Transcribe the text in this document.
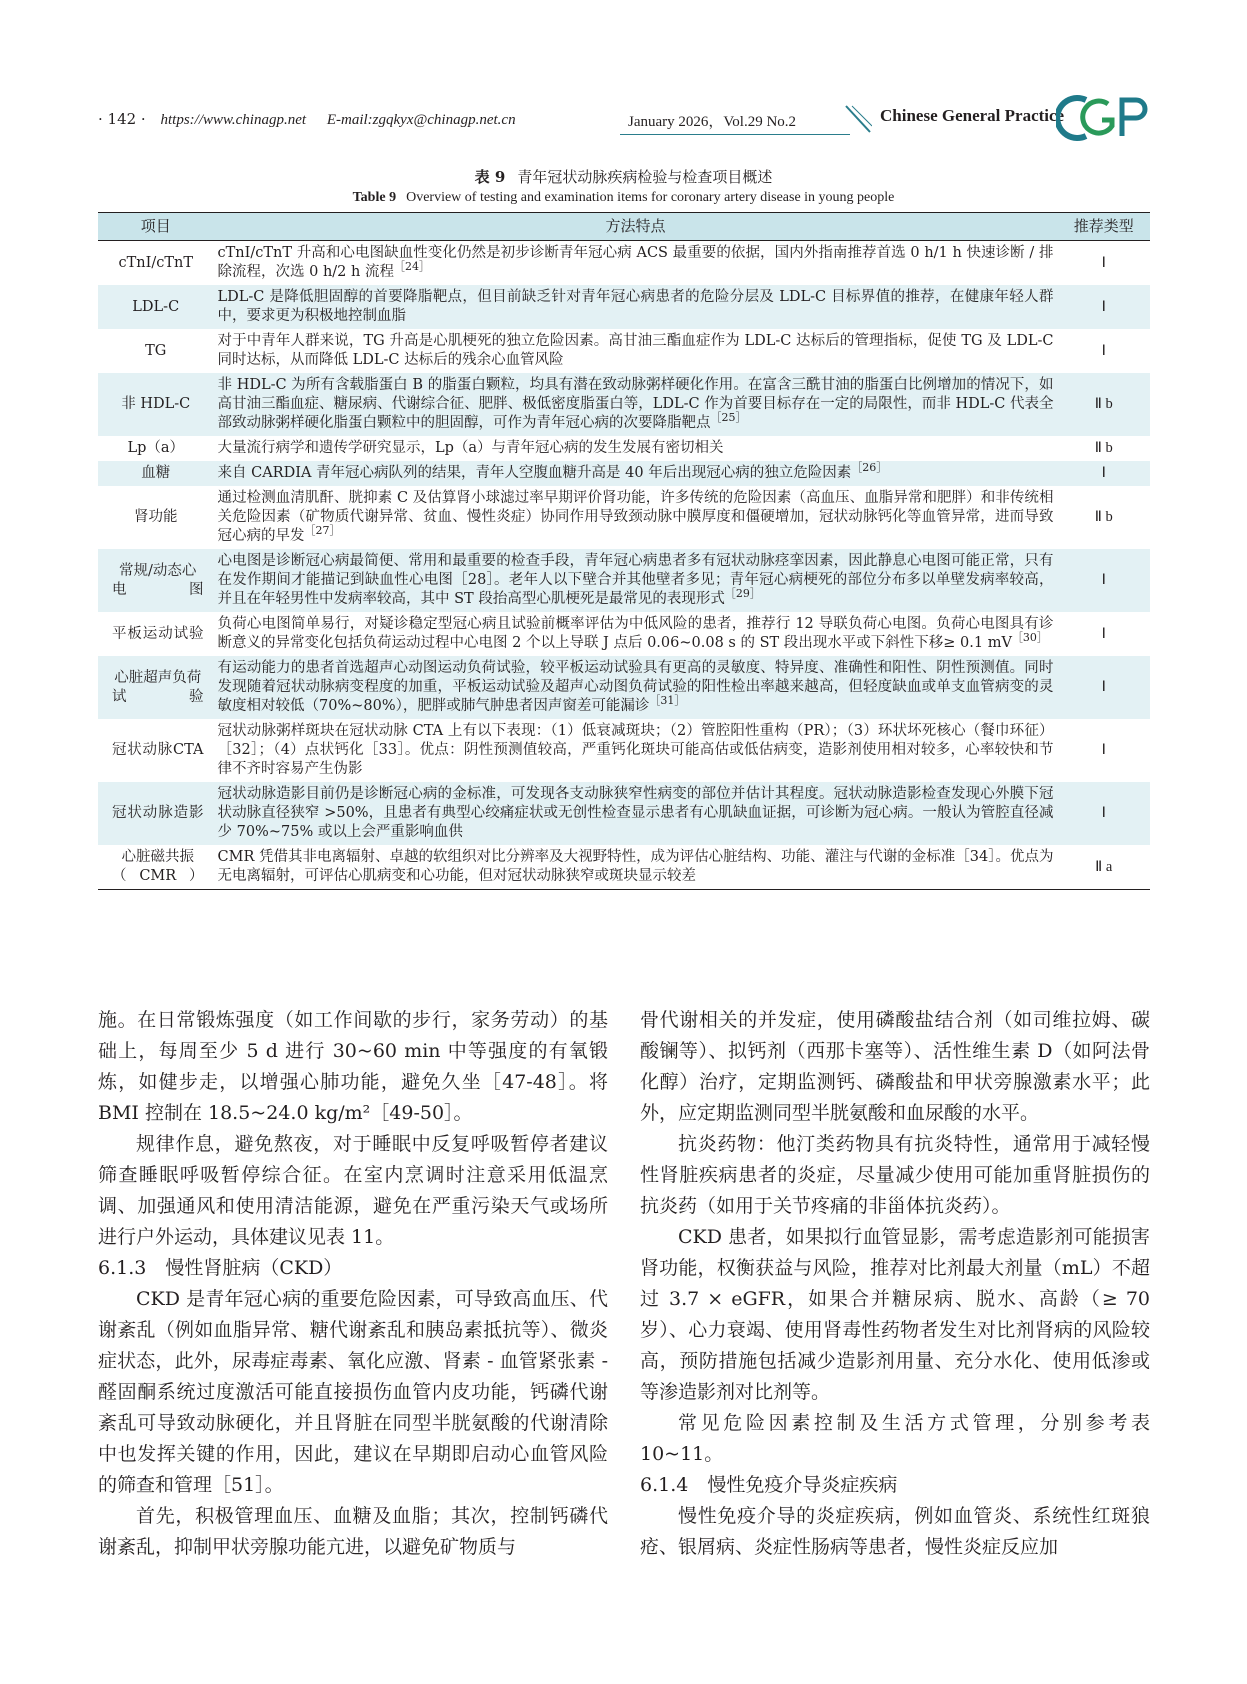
· 142 · https://www.chinagp.net E-mail:zgqkyx@chinagp.net.cn	January 2026，Vol.29 No.2	Chinese General Practice
表 9 青年冠状动脉疾病检验与检查项目概述
Table 9 Overview of testing and examination items for coronary artery disease in young people
项目	方法特点	推荐类型
cTnI/cTnT	cTnI/cTnT 升高和心电图缺血性变化仍然是初步诊断青年冠心病 ACS 最重要的依据，国内外指南推荐首选 0 h/1 h 快速诊断 / 排除流程，次选 0 h/2 h 流程$^{[24]}$	Ⅰ
LDL-C	LDL-C 是降低胆固醇的首要降脂靶点，但目前缺乏针对青年冠心病患者的危险分层及 LDL-C 目标界值的推荐，在健康年轻人群中，要求更为积极地控制血脂	Ⅰ
TG	对于中青年人群来说，TG 升高是心肌梗死的独立危险因素。高甘油三酯血症作为 LDL-C 达标后的管理指标，促使 TG 及 LDL-C 同时达标，从而降低 LDL-C 达标后的残余心血管风险	Ⅰ
非 HDL-C	非 HDL-C 为所有含载脂蛋白 B 的脂蛋白颗粒，均具有潜在致动脉粥样硬化作用。在富含三酰甘油的脂蛋白比例增加的情况下，如高甘油三酯血症、糖尿病、代谢综合征、肥胖、极低密度脂蛋白等，LDL-C 作为首要目标存在一定的局限性，而非 HDL-C 代表全部致动脉粥样硬化脂蛋白颗粒中的胆固醇，可作为青年冠心病的次要降脂靶点$^{[25]}$	Ⅱ b
Lp（a）	大量流行病学和遗传学研究显示，Lp（a）与青年冠心病的发生发展有密切相关	Ⅱ b
血糖	来自 CARDIA 青年冠心病队列的结果，青年人空腹血糖升高是 40 年后出现冠心病的独立危险因素$^{[26]}$	Ⅰ
肾功能	通过检测血清肌酐、胱抑素 C 及估算肾小球滤过率早期评价肾功能，许多传统的危险因素（高血压、血脂异常和肥胖）和非传统相关危险因素（矿物质代谢异常、贫血、慢性炎症）协同作用导致颈动脉中膜厚度和僵硬增加，冠状动脉钙化等血管异常，进而导致冠心病的早发$^{[27]}$	Ⅱ b
常规/动态心电图	心电图是诊断冠心病最简便、常用和最重要的检查手段，青年冠心病患者多有冠状动脉痉挛因素，因此静息心电图可能正常，只有在发作期间才能描记到缺血性心电图［28］。老年人以下壁合并其他壁者多见；青年冠心病梗死的部位分布多以单壁发病率较高，并且在年轻男性中发病率较高，其中 ST 段抬高型心肌梗死是最常见的表现形式$^{[29]}$	Ⅰ
平板运动试验	负荷心电图简单易行，对疑诊稳定型冠心病且试验前概率评估为中低风险的患者，推荐行 12 导联负荷心电图。负荷心电图具有诊断意义的异常变化包括负荷运动过程中心电图 2 个以上导联 J 点后 0.06~0.08 s 的 ST 段出现水平或下斜性下移≥ 0.1 mV$^{[30]}$	Ⅰ
心脏超声负荷试验	有运动能力的患者首选超声心动图运动负荷试验，较平板运动试验具有更高的灵敏度、特异度、准确性和阳性、阴性预测值。同时发现随着冠状动脉病变程度的加重，平板运动试验及超声心动图负荷试验的阳性检出率越来越高，但轻度缺血或单支血管病变的灵敏度相对较低（70%~80%），肥胖或肺气肿患者因声窗差可能漏诊$^{[31]}$	Ⅰ
冠状动脉CTA	冠状动脉粥样斑块在冠状动脉 CTA 上有以下表现：（1）低衰减斑块；（2）管腔阳性重构（PR）；（3）环状坏死核心（餐巾环征）［32］；（4）点状钙化［33］。优点：阴性预测值较高，严重钙化斑块可能高估或低估病变，造影剂使用相对较多，心率较快和节律不齐时容易产生伪影	Ⅰ
冠状动脉造影	冠状动脉造影目前仍是诊断冠心病的金标准，可发现各支动脉狭窄性病变的部位并估计其程度。冠状动脉造影检查发现心外膜下冠状动脉直径狭窄 >50%，且患者有典型心绞痛症状或无创性检查显示患者有心肌缺血证据，可诊断为冠心病。一般认为管腔直径减少 70%~75% 或以上会严重影响血供	Ⅰ
心脏磁共振（CMR）	CMR 凭借其非电离辐射、卓越的软组织对比分辨率及大视野特性，成为评估心脏结构、功能、灌注与代谢的金标准［34］。优点为无电离辐射，可评估心肌病变和心功能，但对冠状动脉狭窄或斑块显示较差	Ⅱ a

施。在日常锻炼强度（如工作间歇的步行，家务劳动）的基础上，每周至少 5 d 进行 30~60 min 中等强度的有氧锻炼，如健步走，以增强心肺功能，避免久坐［47-48］。将 BMI 控制在 18.5~24.0 kg/m²［49-50］。

规律作息，避免熬夜，对于睡眠中反复呼吸暂停者建议筛查睡眠呼吸暂停综合征。在室内烹调时注意采用低温烹调、加强通风和使用清洁能源，避免在严重污染天气或场所进行户外运动，具体建议见表 11。

6.1.3　慢性肾脏病（CKD）

CKD 是青年冠心病的重要危险因素，可导致高血压、代谢紊乱（例如血脂异常、糖代谢紊乱和胰岛素抵抗等）、微炎症状态，此外，尿毒症毒素、氧化应激、肾素 - 血管紧张素 - 醛固酮系统过度激活可能直接损伤血管内皮功能，钙磷代谢紊乱可导致动脉硬化，并且肾脏在同型半胱氨酸的代谢清除中也发挥关键的作用，因此，建议在早期即启动心血管风险的筛查和管理［51］。

首先，积极管理血压、血糖及血脂；其次，控制钙磷代谢紊乱，抑制甲状旁腺功能亢进，以避免矿物质与

骨代谢相关的并发症，使用磷酸盐结合剂（如司维拉姆、碳酸镧等）、拟钙剂（西那卡塞等）、活性维生素 D（如阿法骨化醇）治疗，定期监测钙、磷酸盐和甲状旁腺激素水平；此外，应定期监测同型半胱氨酸和血尿酸的水平。

抗炎药物：他汀类药物具有抗炎特性，通常用于减轻慢性肾脏疾病患者的炎症，尽量减少使用可能加重肾脏损伤的抗炎药（如用于关节疼痛的非甾体抗炎药）。

CKD 患者，如果拟行血管显影，需考虑造影剂可能损害肾功能，权衡获益与风险，推荐对比剂最大剂量（mL）不超过 3.7 × eGFR，如果合并糖尿病、脱水、高龄（≥ 70 岁）、心力衰竭、使用肾毒性药物者发生对比剂肾病的风险较高，预防措施包括减少造影剂用量、充分水化、使用低渗或等渗造影剂对比剂等。

常见危险因素控制及生活方式管理，分别参考表 10~11。

6.1.4　慢性免疫介导炎症疾病

慢性免疫介导的炎症疾病，例如血管炎、系统性红斑狼疮、银屑病、炎症性肠病等患者，慢性炎症反应加
